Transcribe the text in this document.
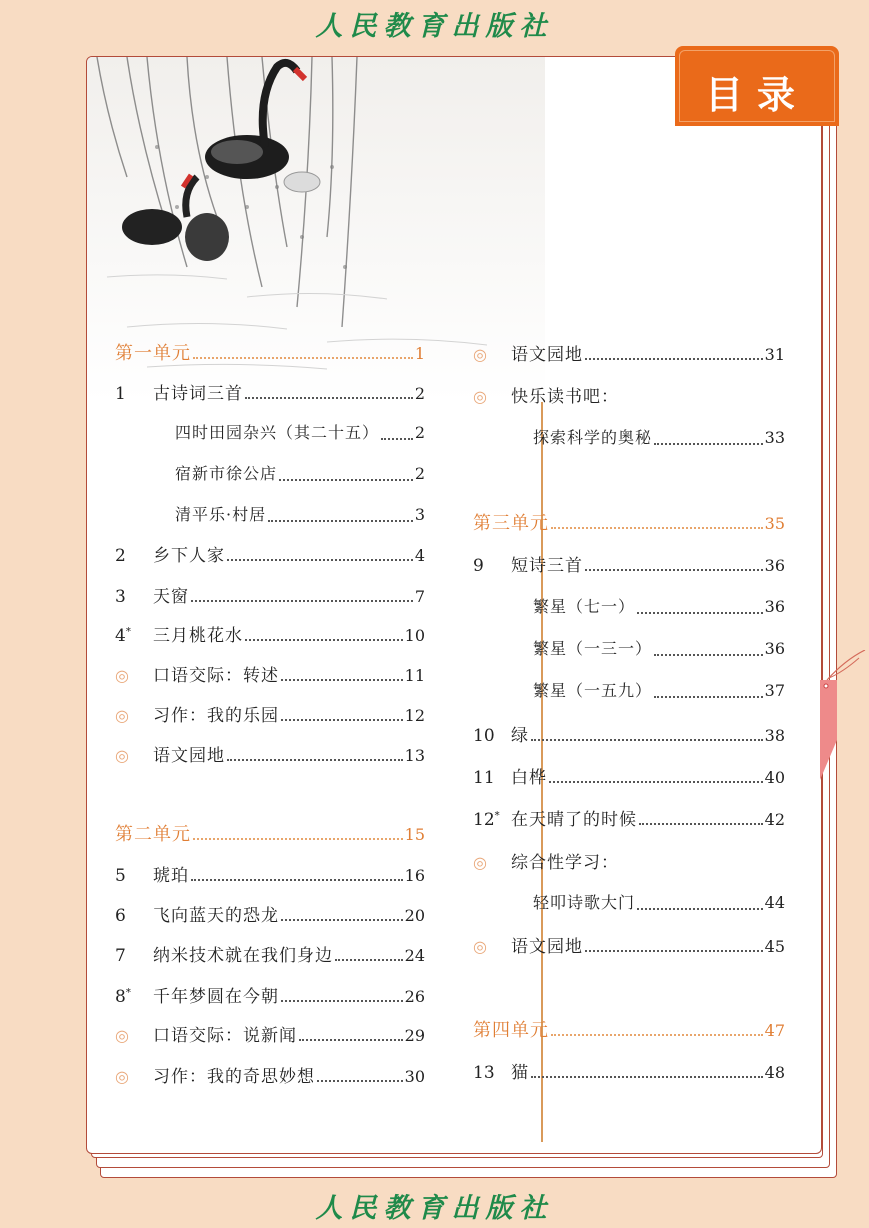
人民教育出版社
目录
第一单元	1
1	古诗词三首	2
四时田园杂兴（其二十五） 2
宿新市徐公店	2
清平乐·村居	3
2	乡下人家	4
3	天窗	7
4*	三月桃花水	10
◎	口语交际：转述	11
◎	习作：我的乐园	12
◎	语文园地	13
第二单元	15
5	琥珀	16
6	飞向蓝天的恐龙	20
7	纳米技术就在我们身边	24
8*	千年梦圆在今朝	26
◎	口语交际：说新闻	29
◎	习作：我的奇思妙想	30
◎	语文园地	31
◎	快乐读书吧：
探索科学的奥秘	33
第三单元	35
9	短诗三首	36
繁星（七一）	36
繁星（一三一）	36
繁星（一五九）	37
10 绿	38
11 白桦	40
12* 在天晴了的时候	42
◎	综合性学习：
轻叩诗歌大门	44
◎	语文园地	45
第四单元	47
13 猫	48
人民教育出版社
